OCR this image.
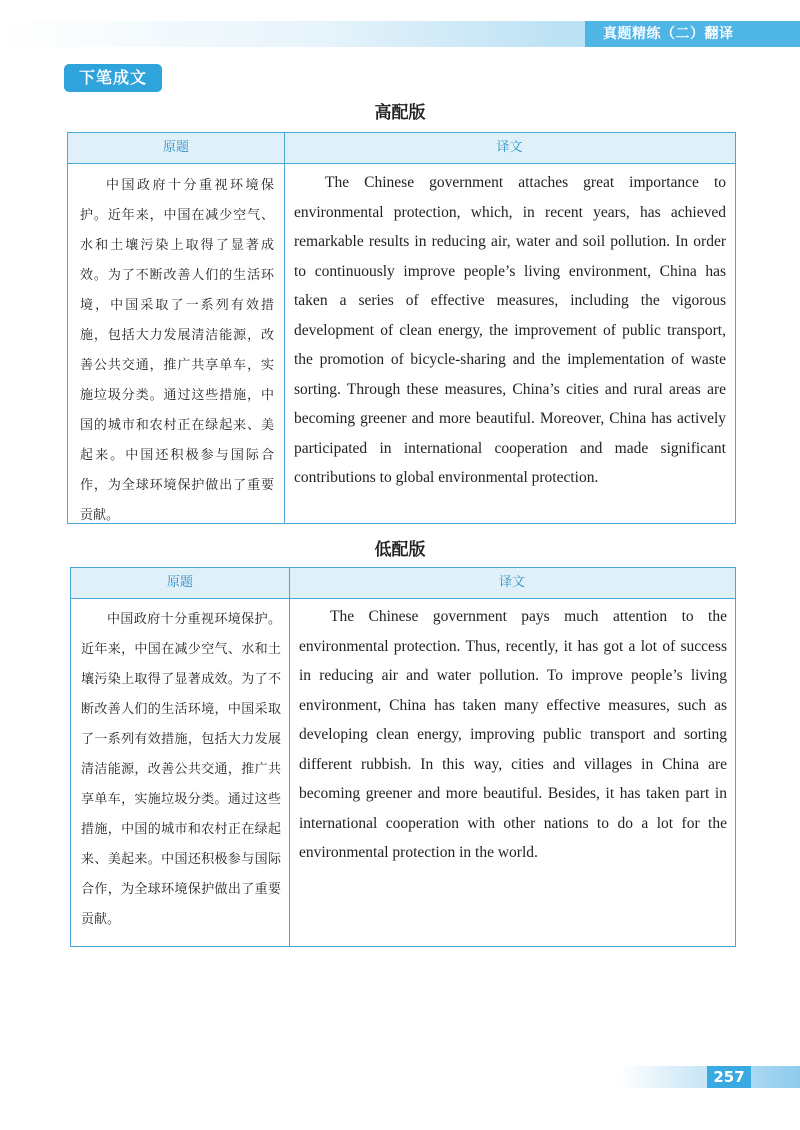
真题精练（二）翻译
下笔成文
高配版
原题	译文
中国政府十分重视环境保护。近年来，中国在减少空气、水和土壤污染上取得了显著成效。为了不断改善人们的生活环境，中国采取了一系列有效措施，包括大力发展清洁能源，改善公共交通，推广共享单车，实施垃圾分类。通过这些措施，中国的城市和农村正在绿起来、美起来。中国还积极参与国际合作，为全球环境保护做出了重要贡献。
The Chinese government attaches great importance to environmental protection, which, in recent years, has achieved remarkable results in reducing air, water and soil pollution. In order to continuously improve people’s living environment, China has taken a series of effective measures, including the vigorous development of clean energy, the improvement of public transport, the promotion of bicycle-sharing and the implementation of waste sorting. Through these measures, China’s cities and rural areas are becoming greener and more beautiful. Moreover, China has actively participated in international cooperation and made significant contributions to global environmental protection.
低配版
原题	译文
中国政府十分重视环境保护。近年来，中国在减少空气、水和土壤污染上取得了显著成效。为了不断改善人们的生活环境，中国采取了一系列有效措施，包括大力发展清洁能源，改善公共交通，推广共享单车，实施垃圾分类。通过这些措施，中国的城市和农村正在绿起来、美起来。中国还积极参与国际合作，为全球环境保护做出了重要贡献。
The Chinese government pays much attention to the environmental protection. Thus, recently, it has got a lot of success in reducing air and water pollution. To improve people’s living environment, China has taken many effective measures, such as developing clean energy, improving public transport and sorting different rubbish. In this way, cities and villages in China are becoming greener and more beautiful. Besides, it has taken part in international cooperation with other nations to do a lot for the environmental protection in the world.
257
